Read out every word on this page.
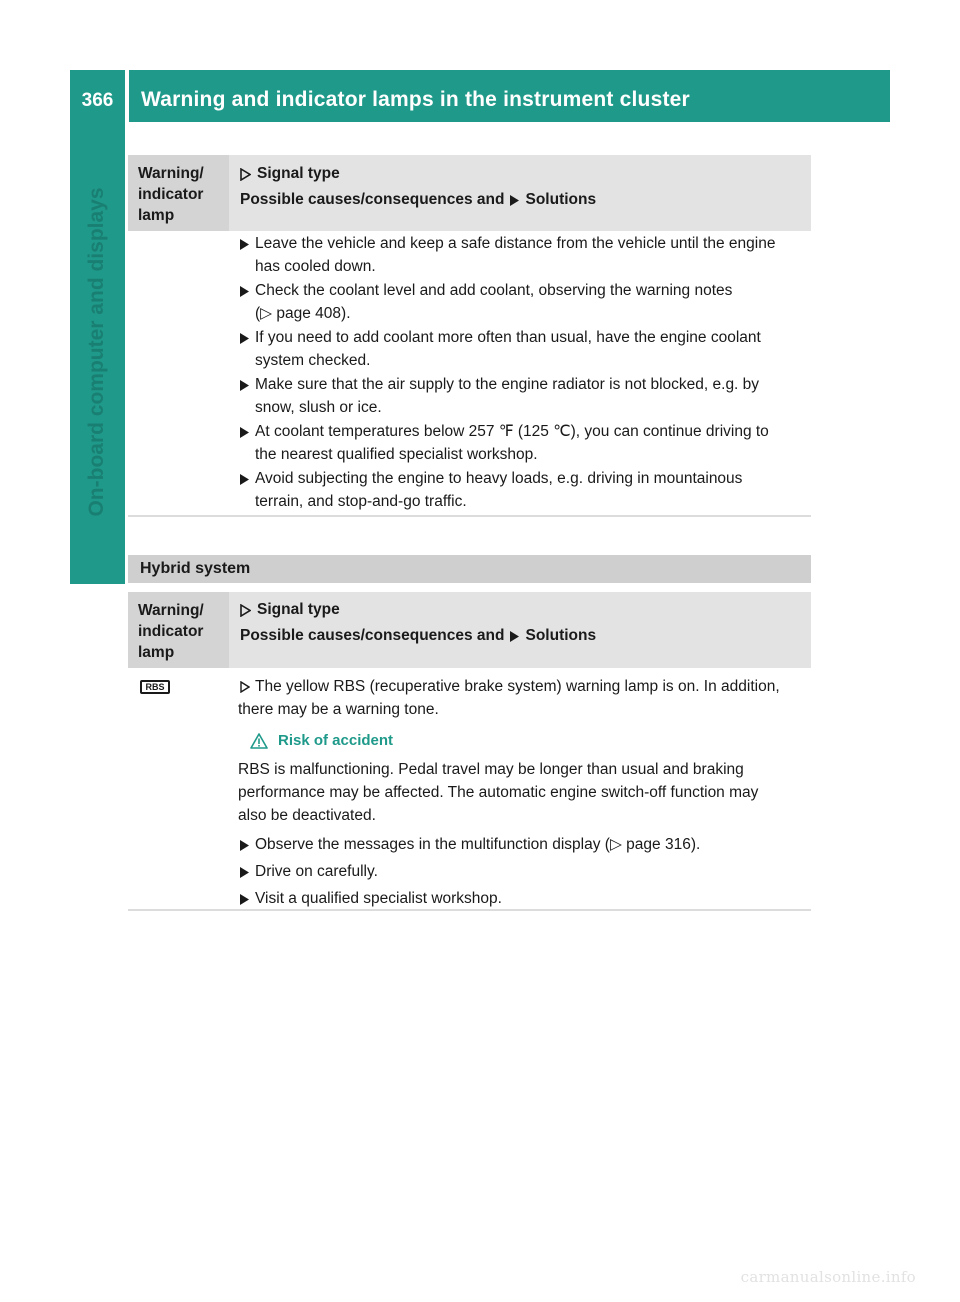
366	Warning and indicator lamps in the instrument cluster
On-board computer and displays
Warning/
indicator
lamp
Signal type
Possible causes/consequences and Solutions
Leave the vehicle and keep a safe distance from the vehicle until the engine
has cooled down.
Check the coolant level and add coolant, observing the warning notes
(▷ page 408).
If you need to add coolant more often than usual, have the engine coolant
system checked.
Make sure that the air supply to the engine radiator is not blocked, e.g. by
snow, slush or ice.
At coolant temperatures below 257 ℉ (125 ℃), you can continue driving to
the nearest qualified specialist workshop.
Avoid subjecting the engine to heavy loads, e.g. driving in mountainous
terrain, and stop-and-go traffic.
Hybrid system
Warning/
indicator
lamp
Signal type
Possible causes/consequences and Solutions
RBS	The yellow RBS (recuperative brake system) warning lamp is on. In addition,
there may be a warning tone.
Risk of accident
RBS is malfunctioning. Pedal travel may be longer than usual and braking
performance may be affected. The automatic engine switch-off function may
also be deactivated.
Observe the messages in the multifunction display (▷ page 316).
Drive on carefully.
Visit a qualified specialist workshop.
carmanualsonline.info
